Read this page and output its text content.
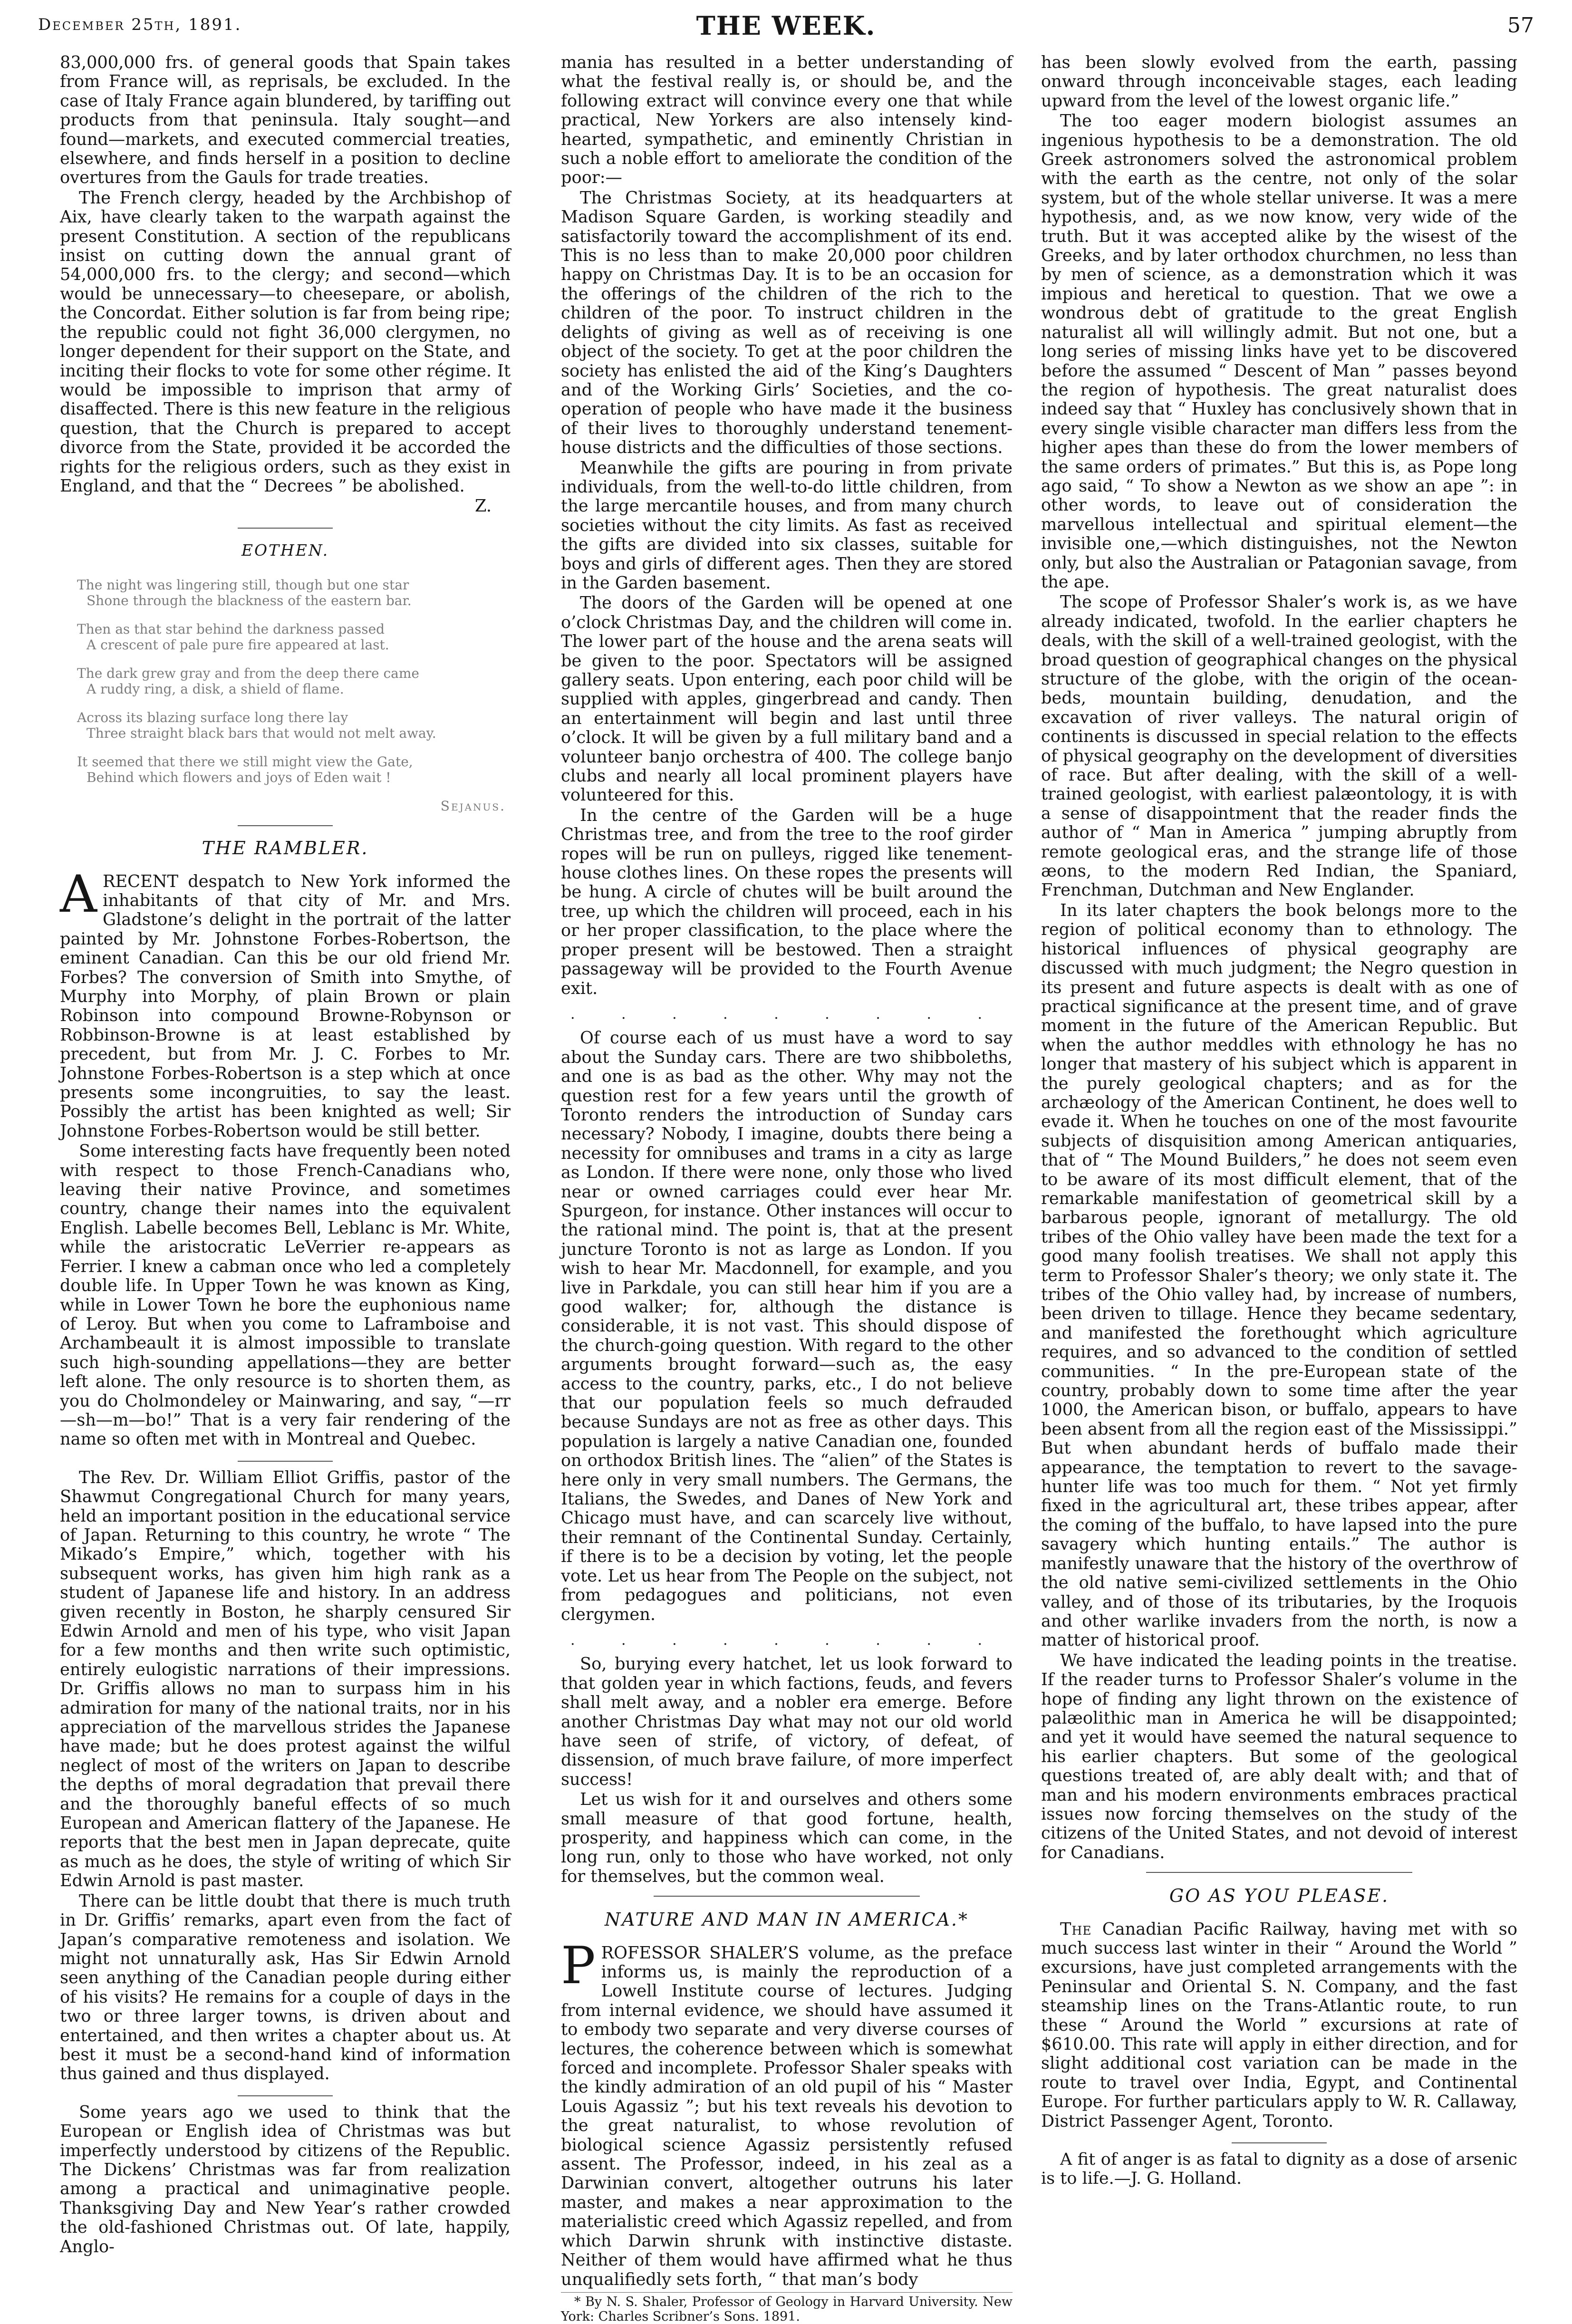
December 25th, 1891.	THE WEEK.	57

83,000,000 frs. of general goods that Spain takes from France will, as reprisals, be excluded. In the case of Italy France again blundered, by tariffing out products from that peninsula. Italy sought—and found—markets, and executed commercial treaties, elsewhere, and finds herself in a position to decline overtures from the Gauls for trade treaties.

The French clergy, headed by the Archbishop of Aix, have clearly taken to the warpath against the present Constitution. A section of the republicans insist on cutting down the annual grant of 54,000,000 frs. to the clergy; and second—which would be unnecessary—to cheeseparе, or abolish, the Concordat. Either solution is far from being ripe; the republic could not fight 36,000 clergymen, no longer dependent for their support on the State, and inciting their flocks to vote for some other régime. It would be impossible to imprison that army of disaffected. There is this new feature in the religious question, that the Church is prepared to accept divorce from the State, provided it be accorded the rights for the religious orders, such as they exist in England, and that the “ Decrees ” be abolished.

Z.
EOTHEN.
The night was lingering still, though but one star
Shone through the blackness of the eastern bar.
Then as that star behind the darkness passed
A crescent of pale pure fire appeared at last.
The dark grew gray and from the deep there came
A ruddy ring, a disk, a shield of flame.
Across its blazing surface long there lay
Three straight black bars that would not melt away.
It seemed that there we still might view the Gate,
Behind which flowers and joys of Eden wait !
Sejanus.
THE RAMBLER.

A RECENT despatch to New York informed the inhabitants of that city of Mr. and Mrs. Gladstone’s delight in the portrait of the latter painted by Mr. Johnstone Forbes-Robertson, the eminent Canadian. Can this be our old friend Mr. Forbes? The conversion of Smith into Smythe, of Murphy into Morphy, of plain Brown or plain Robinson into compound Browne-Robynson or Robbinson-Browne is at least established by precedent, but from Mr. J. C. Forbes to Mr. Johnstone Forbes-Robertson is a step which at once presents some incongruities, to say the least. Possibly the artist has been knighted as well; Sir Johnstone Forbes-Robertson would be still better.

Some interesting facts have frequently been noted with respect to those French-Canadians who, leaving their native Province, and sometimes country, change their names into the equivalent English. Labelle becomes Bell, Leblanc is Mr. White, while the aristocratic LeVerrier re-appears as Ferrier. I knew a cabman once who led a completely double life. In Upper Town he was known as King, while in Lower Town he bore the euphonious name of Leroy. But when you come to Laframboise and Archambeault it is almost impossible to translate such high-sounding appellations—they are better left alone. The only resource is to shorten them, as you do Cholmondeley or Mainwaring, and say, “—rr—sh—m—bo!” That is a very fair rendering of the name so often met with in Montreal and Quebec.

The Rev. Dr. William Elliot Griffis, pastor of the Shawmut Congregational Church for many years, held an important position in the educational service of Japan. Returning to this country, he wrote “ The Mikado’s Empire,” which, together with his subsequent works, has given him high rank as a student of Japanese life and history. In an address given recently in Boston, he sharply censured Sir Edwin Arnold and men of his type, who visit Japan for a few months and then write such optimistic, entirely eulogistic narrations of their impressions. Dr. Griffis allows no man to surpass him in his admiration for many of the national traits, nor in his appreciation of the marvellous strides the Japanese have made; but he does protest against the wilful neglect of most of the writers on Japan to describe the depths of moral degradation that prevail there and the thoroughly baneful effects of so much European and American flattery of the Japanese. He reports that the best men in Japan deprecate, quite as much as he does, the style of writing of which Sir Edwin Arnold is past master.

There can be little doubt that there is much truth in Dr. Griffis’ remarks, apart even from the fact of Japan’s comparative remoteness and isolation. We might not unnaturally ask, Has Sir Edwin Arnold seen anything of the Canadian people during either of his visits? He remains for a couple of days in the two or three larger towns, is driven about and entertained, and then writes a chapter about us. At best it must be a second-hand kind of information thus gained and thus displayed.

Some years ago we used to think that the European or English idea of Christmas was but imperfectly understood by citizens of the Republic. The Dickens’ Christmas was far from realization among a practical and unimaginative people. Thanksgiving Day and New Year’s rather crowded the old-fashioned Christmas out. Of late, happily, Anglo-

mania has resulted in a better understanding of what the festival really is, or should be, and the following extract will convince every one that while practical, New Yorkers are also intensely kind-hearted, sympathetic, and eminently Christian in such a noble effort to ameliorate the condition of the poor:—

The Christmas Society, at its headquarters at Madison Square Garden, is working steadily and satisfactorily toward the accomplishment of its end. This is no less than to make 20,000 poor children happy on Christmas Day. It is to be an occasion for the offerings of the children of the rich to the children of the poor. To instruct children in the delights of giving as well as of receiving is one object of the society. To get at the poor children the society has enlisted the aid of the King’s Daughters and of the Working Girls’ Societies, and the co-operation of people who have made it the business of their lives to thoroughly understand tenement-house districts and the difficulties of those sections.

Meanwhile the gifts are pouring in from private individuals, from the well-to-do little children, from the large mercantile houses, and from many church societies without the city limits. As fast as received the gifts are divided into six classes, suitable for boys and girls of different ages. Then they are stored in the Garden basement.

The doors of the Garden will be opened at one o’clock Christmas Day, and the children will come in. The lower part of the house and the arena seats will be given to the poor. Spectators will be assigned gallery seats. Upon entering, each poor child will be supplied with apples, gingerbread and candy. Then an entertainment will begin and last until three o’clock. It will be given by a full military band and a volunteer banjo orchestra of 400. The college banjo clubs and nearly all local prominent players have volunteered for this.

In the centre of the Garden will be a huge Christmas tree, and from the tree to the roof girder ropes will be run on pulleys, rigged like tenement-house clothes lines. On these ropes the presents will be hung. A circle of chutes will be built around the tree, up which the children will proceed, each in his or her proper classification, to the place where the proper present will be bestowed. Then a straight passageway will be provided to the Fourth Avenue exit.

. . . . . . . . .

Of course each of us must have a word to say about the Sunday cars. There are two shibboleths, and one is as bad as the other. Why may not the question rest for a few years until the growth of Toronto renders the introduction of Sunday cars necessary? Nobody, I imagine, doubts there being a necessity for omnibuses and trams in a city as large as London. If there were none, only those who lived near or owned carriages could ever hear Mr. Spurgeon, for instance. Other instances will occur to the rational mind. The point is, that at the present juncture Toronto is not as large as London. If you wish to hear Mr. Macdonnell, for example, and you live in Parkdale, you can still hear him if you are a good walker; for, although the distance is considerable, it is not vast. This should dispose of the church-going question. With regard to the other arguments brought forward—such as, the easy access to the country, parks, etc., I do not believe that our population feels so much defrauded because Sundays are not as free as other days. This population is largely a native Canadian one, founded on orthodox British lines. The “alien” of the States is here only in very small numbers. The Germans, the Italians, the Swedes, and Danes of New York and Chicago must have, and can scarcely live without, their remnant of the Continental Sunday. Certainly, if there is to be a decision by voting, let the people vote. Let us hear from The People on the subject, not from pedagogues and politicians, not even clergymen.

. . . . . . . . .

So, burying every hatchet, let us look forward to that golden year in which factions, feuds, and fevers shall melt away, and a nobler era emerge. Before another Christmas Day what may not our old world have seen of strife, of victory, of defeat, of dissension, of much brave failure, of more imperfect success!

Let us wish for it and ourselves and others some small measure of that good fortune, health, prosperity, and happiness which can come, in the long run, only to those who have worked, not only for themselves, but the common weal.

NATURE AND MAN IN AMERICA.*

PROFESSOR SHALER’S volume, as the preface informs us, is mainly the reproduction of a Lowell Institute course of lectures. Judging from internal evidence, we should have assumed it to embody two separate and very diverse courses of lectures, the coherence between which is somewhat forced and incomplete. Professor Shaler speaks with the kindly admiration of an old pupil of his “ Master Louis Agassiz ”; but his text reveals his devotion to the great naturalist, to whose revolution of biological science Agassiz persistently refused assent. The Professor, indeed, in his zeal as a Darwinian convert, altogether outruns his later master, and makes a near approximation to the materialistic creed which Agassiz repelled, and from which Darwin shrunk with instinctive distaste. Neither of them would have affirmed what he thus unqualifiedly sets forth, “ that man’s body

* By N. S. Shaler, Professor of Geology in Harvard University. New York: Charles Scribner’s Sons. 1891.

has been slowly evolved from the earth, passing onward through inconceivable stages, each leading upward from the level of the lowest organic life.”

The too eager modern biologist assumes an ingenious hypothesis to be a demonstration. The old Greek astronomers solved the astronomical problem with the earth as the centre, not only of the solar system, but of the whole stellar universe. It was a mere hypothesis, and, as we now know, very wide of the truth. But it was accepted alike by the wisest of the Greeks, and by later orthodox churchmen, no less than by men of science, as a demonstration which it was impious and heretical to question. That we owe a wondrous debt of gratitude to the great English naturalist all will willingly admit. But not one, but a long series of missing links have yet to be discovered before the assumed “ Descent of Man ” passes beyond the region of hypothesis. The great naturalist does indeed say that “ Huxley has conclusively shown that in every single visible character man differs less from the higher apes than these do from the lower members of the same orders of primates.” But this is, as Pope long ago said, “ To show a Newton as we show an ape ”: in other words, to leave out of consideration the marvellous intellectual and spiritual element—the invisible one,—which distinguishes, not the Newton only, but also the Australian or Patagonian savage, from the ape.

The scope of Professor Shaler’s work is, as we have already indicated, twofold. In the earlier chapters he deals, with the skill of a well-trained geologist, with the broad question of geographical changes on the physical structure of the globe, with the origin of the ocean-beds, mountain building, denudation, and the excavation of river valleys. The natural origin of continents is discussed in special relation to the effects of physical geography on the development of diversities of race. But after dealing, with the skill of a well-trained geologist, with earliest palæontology, it is with a sense of disappointment that the reader finds the author of “ Man in America ” jumping abruptly from remote geological eras, and the strange life of those æons, to the modern Red Indian, the Spaniard, Frenchman, Dutchman and New Englander.

In its later chapters the book belongs more to the region of political economy than to ethnology. The historical influences of physical geography are discussed with much judgment; the Negro question in its present and future aspects is dealt with as one of practical significance at the present time, and of grave moment in the future of the American Republic. But when the author meddles with ethnology he has no longer that mastery of his subject which is apparent in the purely geological chapters; and as for the archæology of the American Continent, he does well to evade it. When he touches on one of the most favourite subjects of disquisition among American antiquaries, that of “ The Mound Builders,” he does not seem even to be aware of its most difficult element, that of the remarkable manifestation of geometrical skill by a barbarous people, ignorant of metallurgy. The old tribes of the Ohio valley have been made the text for a good many foolish treatises. We shall not apply this term to Professor Shaler’s theory; we only state it. The tribes of the Ohio valley had, by increase of numbers, been driven to tillage. Hence they became sedentary, and manifested the forethought which agriculture requires, and so advanced to the condition of settled communities. “ In the pre-European state of the country, probably down to some time after the year 1000, the American bison, or buffalo, appears to have been absent from all the region east of the Mississippi.” But when abundant herds of buffalo made their appearance, the temptation to revert to the savage-hunter life was too much for them. “ Not yet firmly fixed in the agricultural art, these tribes appear, after the coming of the buffalo, to have lapsed into the pure savagery which hunting entails.” The author is manifestly unaware that the history of the overthrow of the old native semi-civilized settlements in the Ohio valley, and of those of its tributaries, by the Iroquois and other warlike invaders from the north, is now a matter of historical proof.

We have indicated the leading points in the treatise. If the reader turns to Professor Shaler’s volume in the hope of finding any light thrown on the existence of palæolithic man in America he will be disappointed; and yet it would have seemed the natural sequence to his earlier chapters. But some of the geological questions treated of, are ably dealt with; and that of man and his modern environments embraces practical issues now forcing themselves on the study of the citizens of the United States, and not devoid of interest for Canadians.

GO AS YOU PLEASE.

The Canadian Pacific Railway, having met with so much success last winter in their “ Around the World ” excursions, have just completed arrangements with the Peninsular and Oriental S. N. Company, and the fast steamship lines on the Trans-Atlantic route, to run these “ Around the World ” excursions at rate of $610.00. This rate will apply in either direction, and for slight additional cost variation can be made in the route to travel over India, Egypt, and Continental Europe. For further particulars apply to W. R. Callaway, District Passenger Agent, Toronto.

A fit of anger is as fatal to dignity as a dose of arsenic is to life.—J. G. Holland.
